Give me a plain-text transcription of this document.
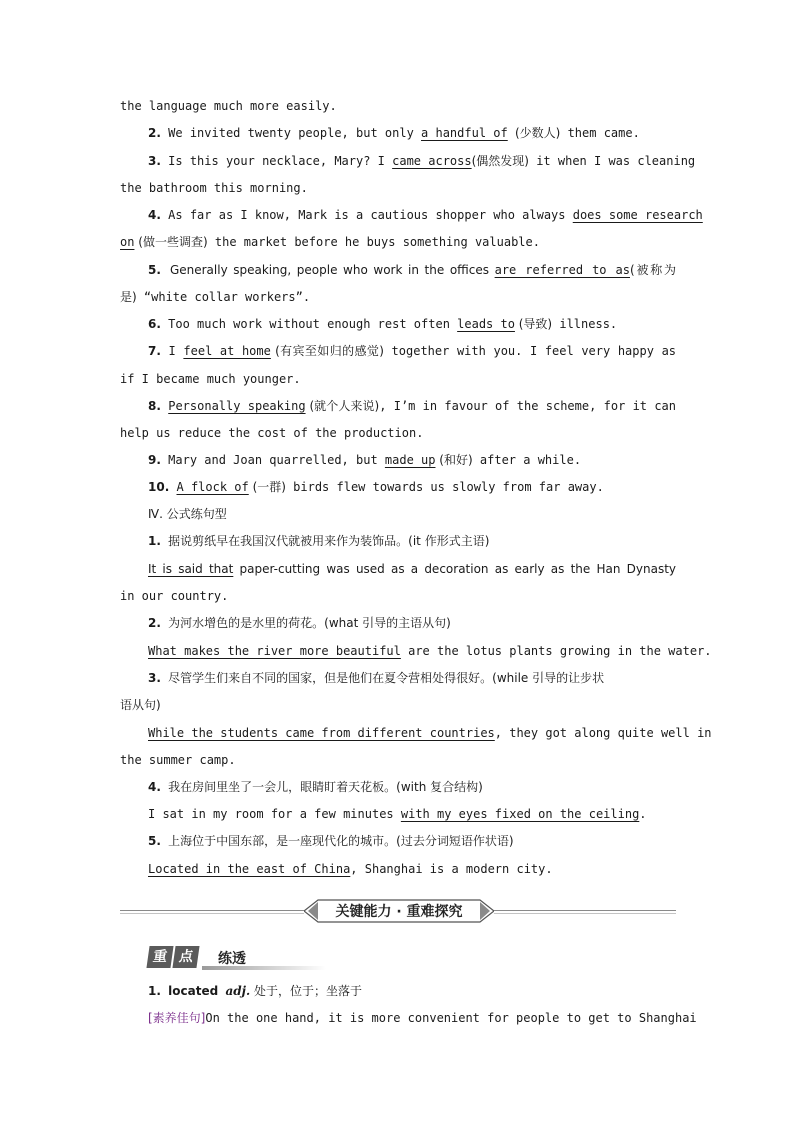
the language much more easily.
2. We invited twenty people, but only a handful of (少数人) them came.
3. Is this your necklace, Mary? I came across(偶然发现) it when I was cleaning
the bathroom this morning.
4. As far as I know, Mark is a cautious shopper who always does some research
on (做一些调查) the market before he buys something valuable.
5. Generally speaking, people who work in the offices are referred to as(被称为
是) “white collar workers”.
6. Too much work without enough rest often leads to (导致) illness.
7. I feel at home (有宾至如归的感觉) together with you. I feel very happy as
if I became much younger.
8. Personally speaking (就个人来说), I’m in favour of the scheme, for it can
help us reduce the cost of the production.
9. Mary and Joan quarrelled, but made up (和好) after a while.
10. A flock of (一群) birds flew towards us slowly from far away.
Ⅳ. 公式练句型
1. 据说剪纸早在我国汉代就被用来作为装饰品。(it 作形式主语)
It is said that paper-cutting was used as a decoration as early as the Han Dynasty
in our country.
2. 为河水增色的是水里的荷花。(what 引导的主语从句)
What makes the river more beautiful are the lotus plants growing in the water.
3. 尽管学生们来自不同的国家，但是他们在夏令营相处得很好。(while 引导的让步状
语从句)
While the students came from different countries, they got along quite well in
the summer camp.
4. 我在房间里坐了一会儿，眼睛盯着天花板。(with 复合结构)
I sat in my room for a few minutes with my eyes fixed on the ceiling.
5. 上海位于中国东部，是一座现代化的城市。(过去分词短语作状语)
Located in the east of China, Shanghai is a modern city.
关键能力 · 重难探究
重 点	练透
1. located adj. 处于，位于；坐落于
[素养佳句]On the one hand, it is more convenient for people to get to Shanghai
